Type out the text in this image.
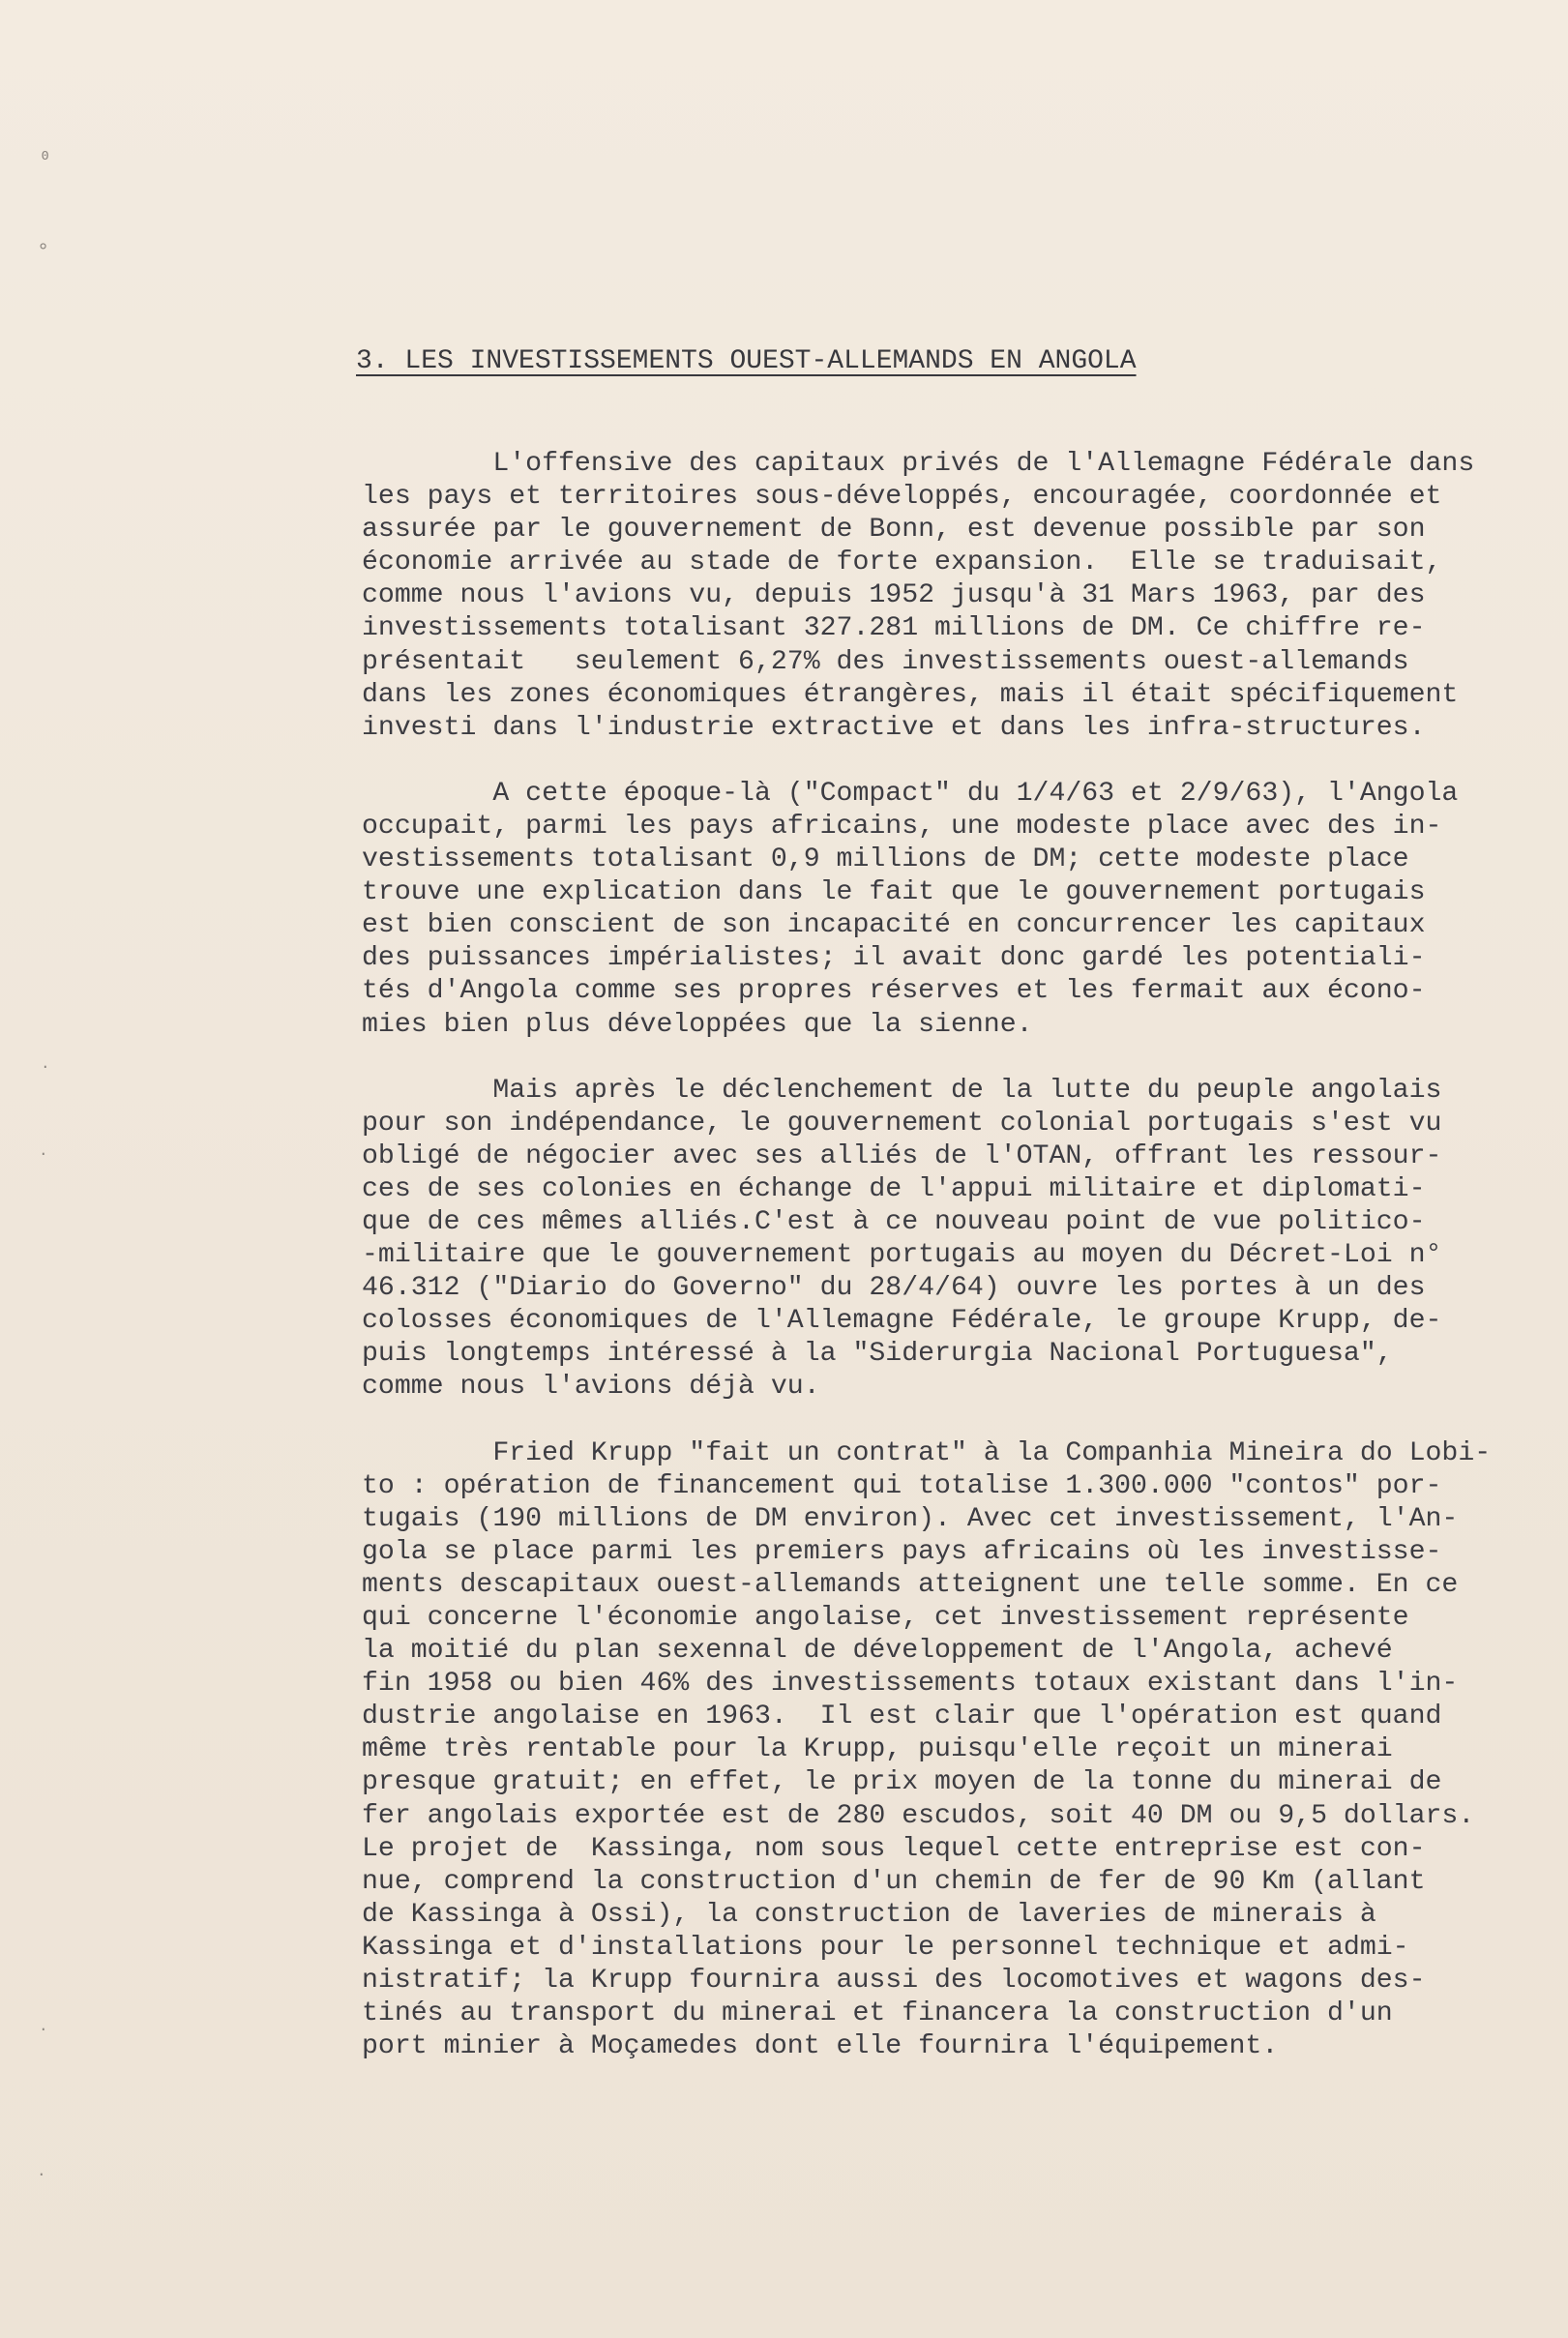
⁰
°
·
·
·
·
3. LES INVESTISSEMENTS OUEST-ALLEMANDS EN ANGOLA
L'offensive des capitaux privés de l'Allemagne Fédérale dans
les pays et territoires sous-développés, encouragée, coordonnée et
assurée par le gouvernement de Bonn, est devenue possible par son
économie arrivée au stade de forte expansion.  Elle se traduisait,
comme nous l'avions vu, depuis 1952 jusqu'à 31 Mars 1963, par des
investissements totalisant 327.281 millions de DM. Ce chiffre re-
présentait   seulement 6,27% des investissements ouest-allemands
dans les zones économiques étrangères, mais il était spécifiquement
investi dans l'industrie extractive et dans les infra-structures.
A cette époque-là ("Compact" du 1/4/63 et 2/9/63), l'Angola
occupait, parmi les pays africains, une modeste place avec des in-
vestissements totalisant 0,9 millions de DM; cette modeste place
trouve une explication dans le fait que le gouvernement portugais
est bien conscient de son incapacité en concurrencer les capitaux
des puissances impérialistes; il avait donc gardé les potentiali-
tés d'Angola comme ses propres réserves et les fermait aux écono-
mies bien plus développées que la sienne.
Mais après le déclenchement de la lutte du peuple angolais
pour son indépendance, le gouvernement colonial portugais s'est vu
obligé de négocier avec ses alliés de l'OTAN, offrant les ressour-
ces de ses colonies en échange de l'appui militaire et diplomati-
que de ces mêmes alliés.C'est à ce nouveau point de vue politico-
-militaire que le gouvernement portugais au moyen du Décret-Loi n°
46.312 ("Diario do Governo" du 28/4/64) ouvre les portes à un des
colosses économiques de l'Allemagne Fédérale, le groupe Krupp, de-
puis longtemps intéressé à la "Siderurgia Nacional Portuguesa",
comme nous l'avions déjà vu.
Fried Krupp "fait un contrat" à la Companhia Mineira do Lobi-
to : opération de financement qui totalise 1.300.000 "contos" por-
tugais (190 millions de DM environ). Avec cet investissement, l'An-
gola se place parmi les premiers pays africains où les investisse-
ments descapitaux ouest-allemands atteignent une telle somme. En ce
qui concerne l'économie angolaise, cet investissement représente
la moitié du plan sexennal de développement de l'Angola, achevé
fin 1958 ou bien 46% des investissements totaux existant dans l'in-
dustrie angolaise en 1963.  Il est clair que l'opération est quand
même très rentable pour la Krupp, puisqu'elle reçoit un minerai
presque gratuit; en effet, le prix moyen de la tonne du minerai de
fer angolais exportée est de 280 escudos, soit 40 DM ou 9,5 dollars.
Le projet de  Kassinga, nom sous lequel cette entreprise est con-
nue, comprend la construction d'un chemin de fer de 90 Km (allant
de Kassinga à Ossi), la construction de laveries de minerais à
Kassinga et d'installations pour le personnel technique et admi-
nistratif; la Krupp fournira aussi des locomotives et wagons des-
tinés au transport du minerai et financera la construction d'un
port minier à Moçamedes dont elle fournira l'équipement.
